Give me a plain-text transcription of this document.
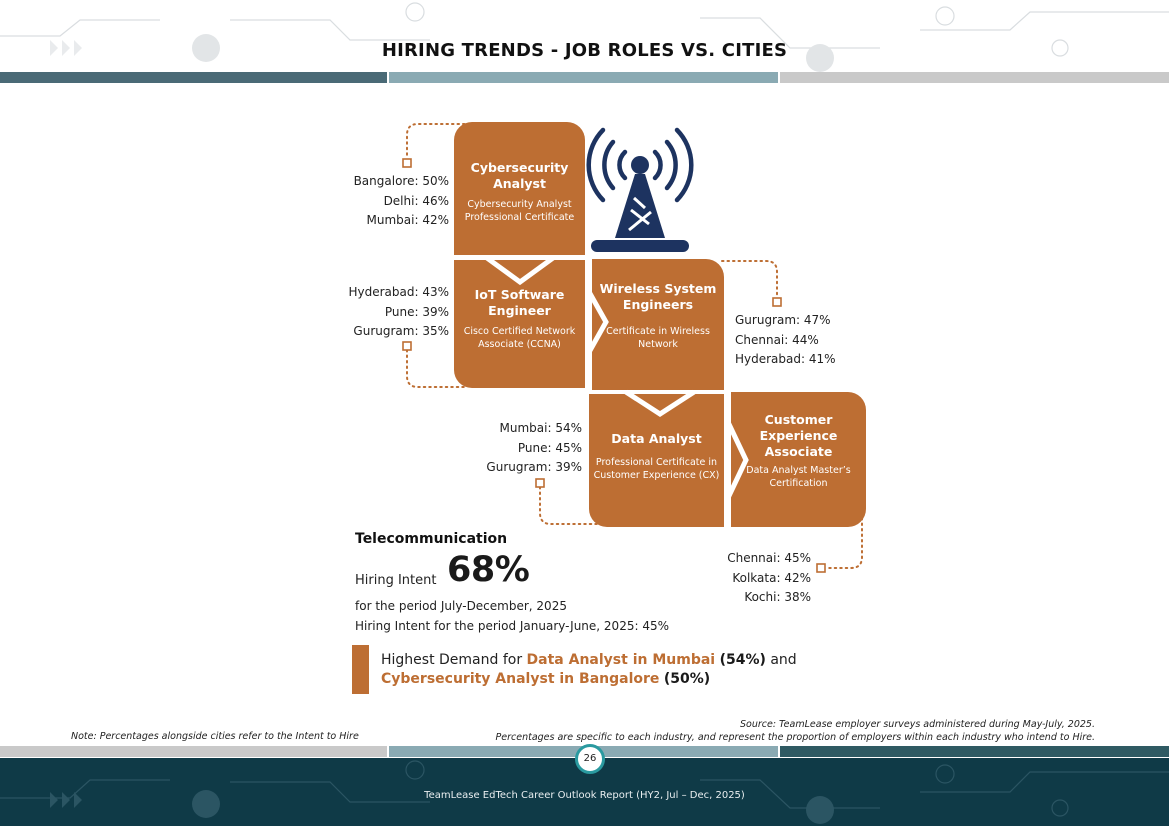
HIRING TRENDS - JOB ROLES VS. CITIES
Cybersecurity
Analyst
Cybersecurity Analyst
Professional Certificate
IoT Software
Engineer
Cisco Certified Network
Associate (CCNA)
Wireless System
Engineers
Certificate in Wireless
Network
Data Analyst
Professional Certificate in
Customer Experience (CX)
Customer
Experience
Associate
Data Analyst Master’s
Certification
Bangalore: 50%
Delhi: 46%
Mumbai: 42%
Hyderabad: 43%
Pune: 39%
Gurugram: 35%
Gurugram: 47%
Chennai: 44%
Hyderabad: 41%
Mumbai: 54%
Pune: 45%
Gurugram: 39%
Chennai: 45%
Kolkata: 42%
Kochi: 38%
Telecommunication
Hiring Intent 68%
for the period July-December, 2025
Hiring Intent for the period January-June, 2025: 45%
Highest Demand for Data Analyst in Mumbai (54%) and
Cybersecurity Analyst in Bangalore (50%)
Note: Percentages alongside cities refer to the Intent to Hire
Source: TeamLease employer surveys administered during May-July, 2025.
Percentages are specific to each industry, and represent the proportion of employers within each industry who intend to Hire.
26
TeamLease EdTech Career Outlook Report (HY2, Jul – Dec, 2025)
